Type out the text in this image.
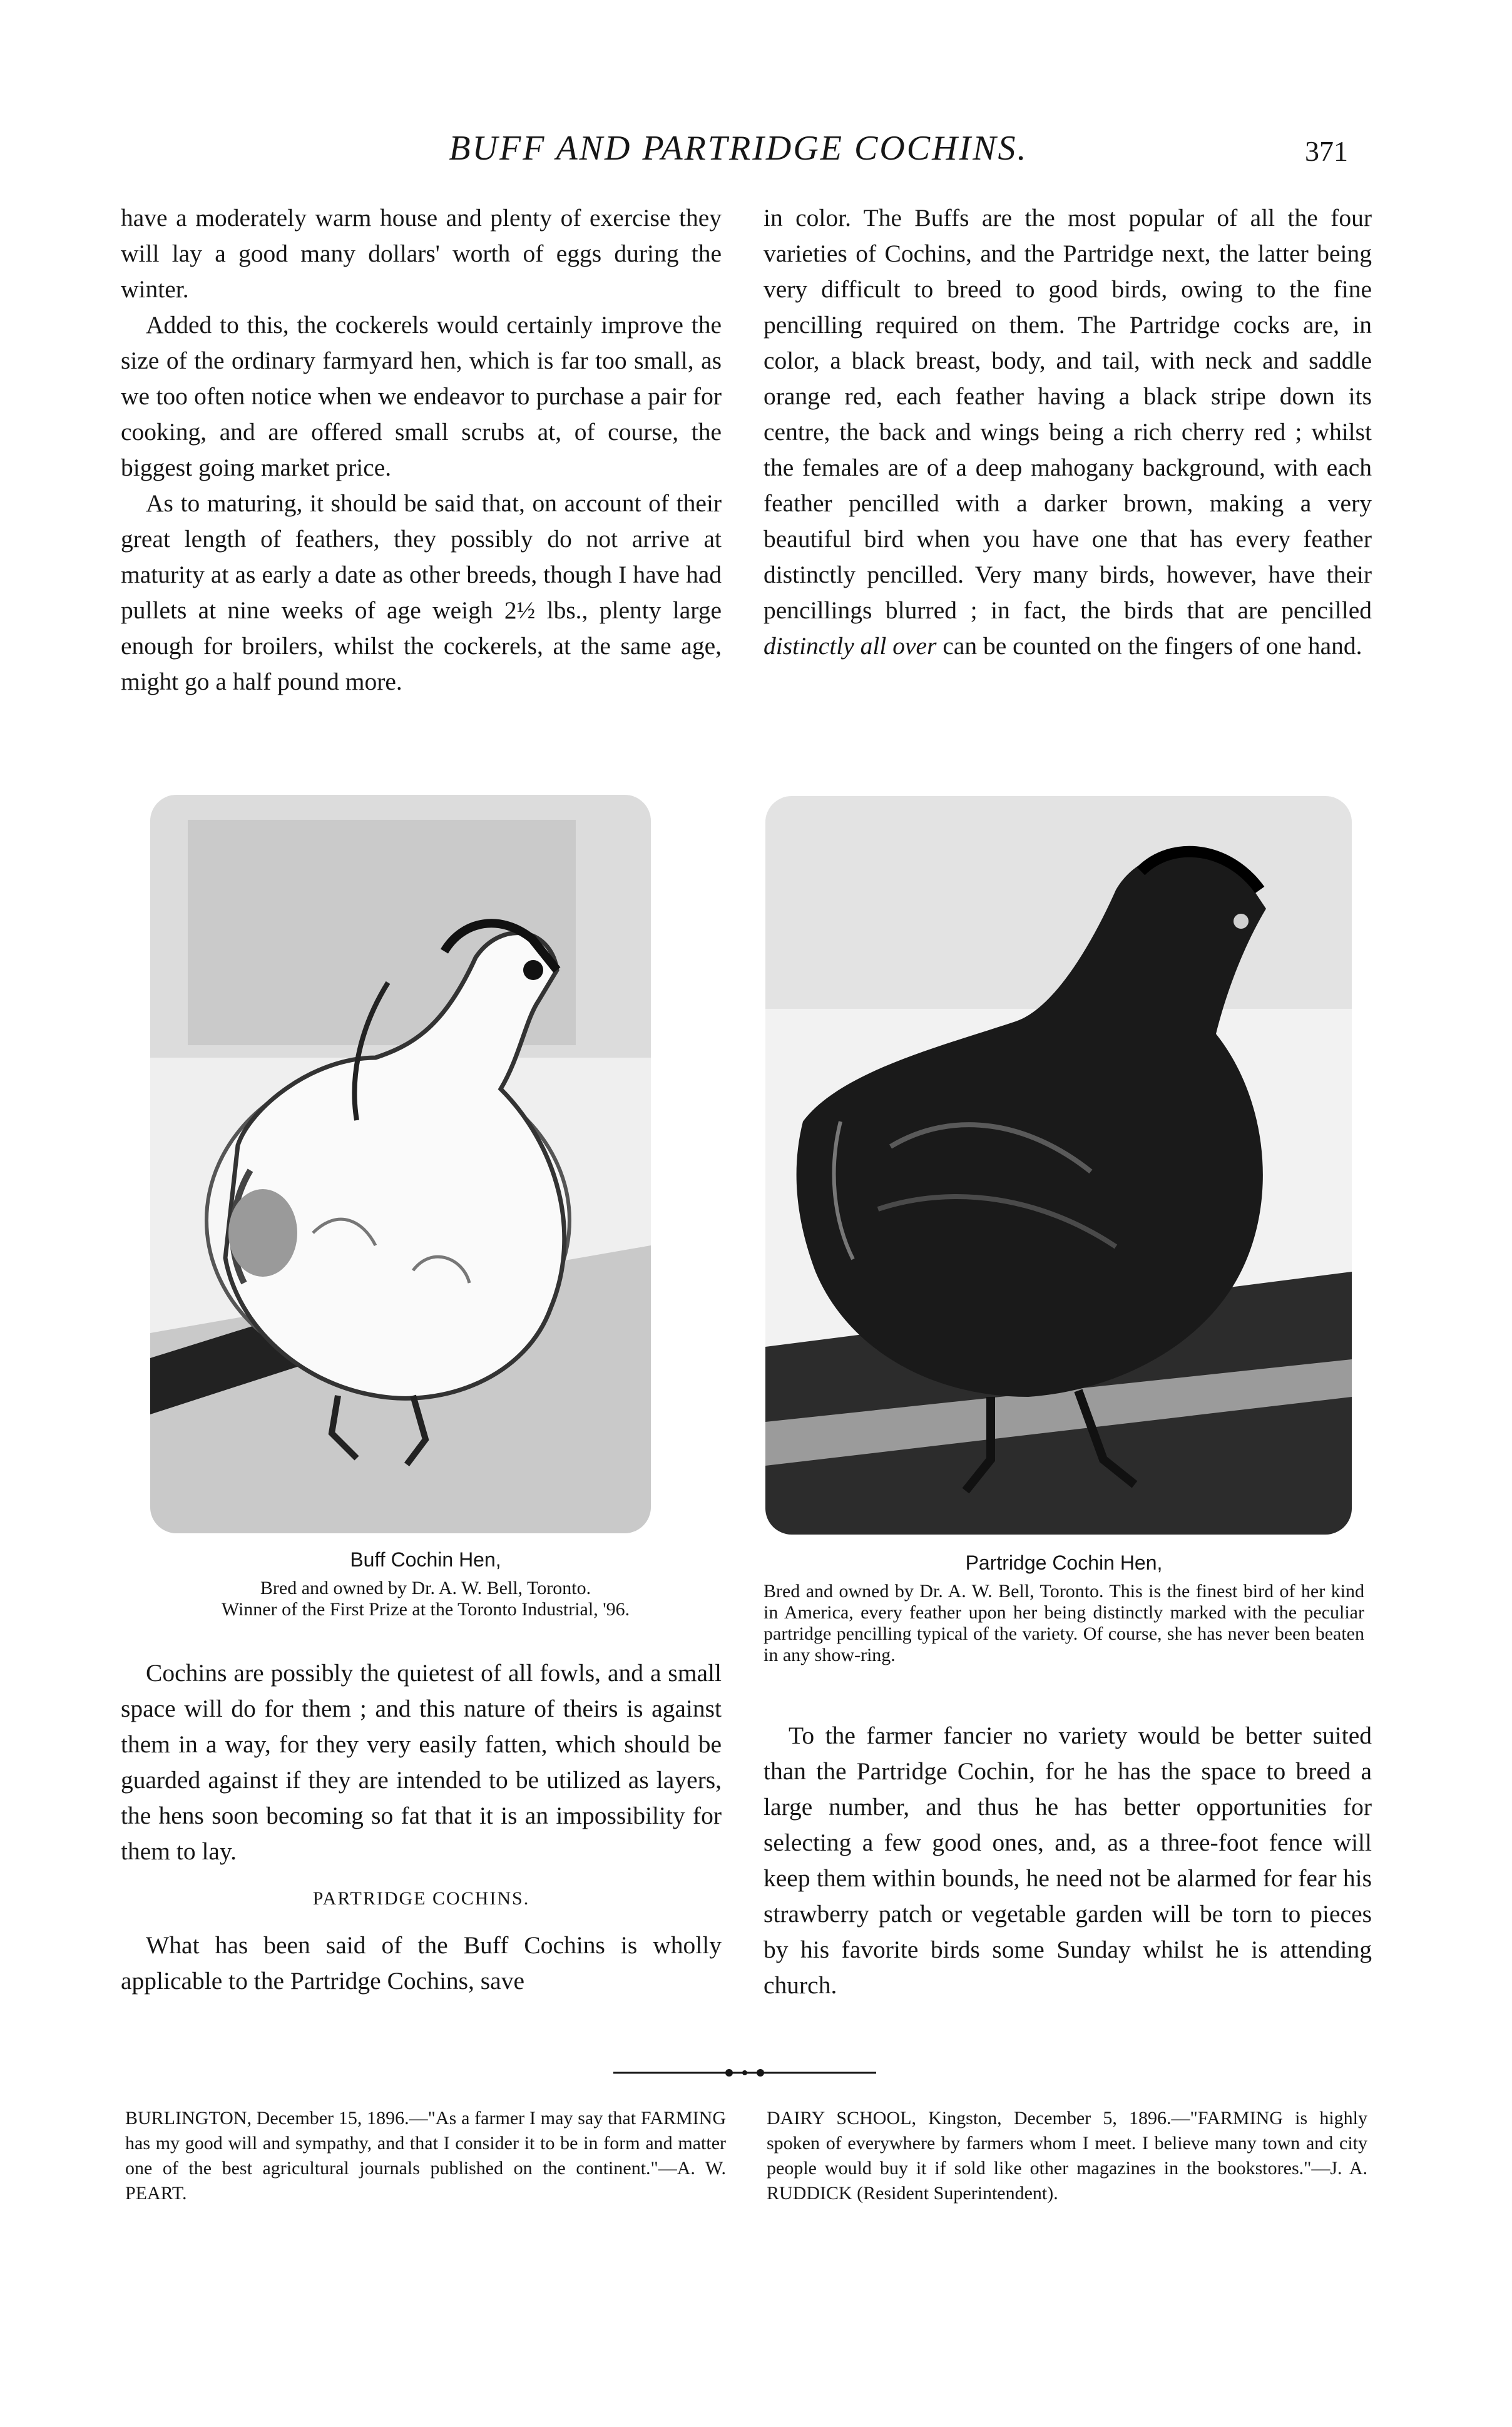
BUFF AND PARTRIDGE COCHINS.	371

have a moderately warm house and plenty of exercise they will lay a good many dollars' worth of eggs during the winter.

Added to this, the cockerels would certainly improve the size of the ordinary farmyard hen, which is far too small, as we too often notice when we endeavor to purchase a pair for cooking, and are offered small scrubs at, of course, the biggest going market price.

As to maturing, it should be said that, on account of their great length of feathers, they possibly do not arrive at maturity at as early a date as other breeds, though I have had pullets at nine weeks of age weigh 2½ lbs., plenty large enough for broilers, whilst the cockerels, at the same age, might go a half pound more.

in color. The Buffs are the most popular of all the four varieties of Cochins, and the Partridge next, the latter being very difficult to breed to good birds, owing to the fine pencilling required on them. The Partridge cocks are, in color, a black breast, body, and tail, with neck and saddle orange red, each feather having a black stripe down its centre, the back and wings being a rich cherry red ; whilst the females are of a deep mahogany background, with each feather pencilled with a darker brown, making a very beautiful bird when you have one that has every feather distinctly pencilled. Very many birds, however, have their pencillings blurred ; in fact, the birds that are pencilled distinctly all over can be counted on the fingers of one hand.

Buff Cochin Hen,
Bred and owned by Dr. A. W. Bell, Toronto.
Winner of the First Prize at the Toronto Industrial, '96.
Partridge Cochin Hen,
Bred and owned by Dr. A. W. Bell, Toronto. This is the finest bird of her kind in America, every feather upon her being distinctly marked with the peculiar partridge pencilling typical of the variety. Of course, she has never been beaten in any show-ring.

Cochins are possibly the quietest of all fowls, and a small space will do for them ; and this nature of theirs is against them in a way, for they very easily fatten, which should be guarded against if they are intended to be utilized as layers, the hens soon becoming so fat that it is an impossibility for them to lay.

PARTRIDGE COCHINS.

What has been said of the Buff Cochins is wholly applicable to the Partridge Cochins, save

To the farmer fancier no variety would be better suited than the Partridge Cochin, for he has the space to breed a large number, and thus he has better opportunities for selecting a few good ones, and, as a three-foot fence will keep them within bounds, he need not be alarmed for fear his strawberry patch or vegetable garden will be torn to pieces by his favorite birds some Sunday whilst he is attending church.

BURLINGTON, December 15, 1896.—"As a farmer I may say that FARMING has my good will and sympathy, and that I consider it to be in form and matter one of the best agricultural journals published on the continent."—A. W. PEART.

DAIRY SCHOOL, Kingston, December 5, 1896.—"FARMING is highly spoken of everywhere by farmers whom I meet. I believe many town and city people would buy it if sold like other magazines in the bookstores."—J. A. RUDDICK (Resident Superintendent).
